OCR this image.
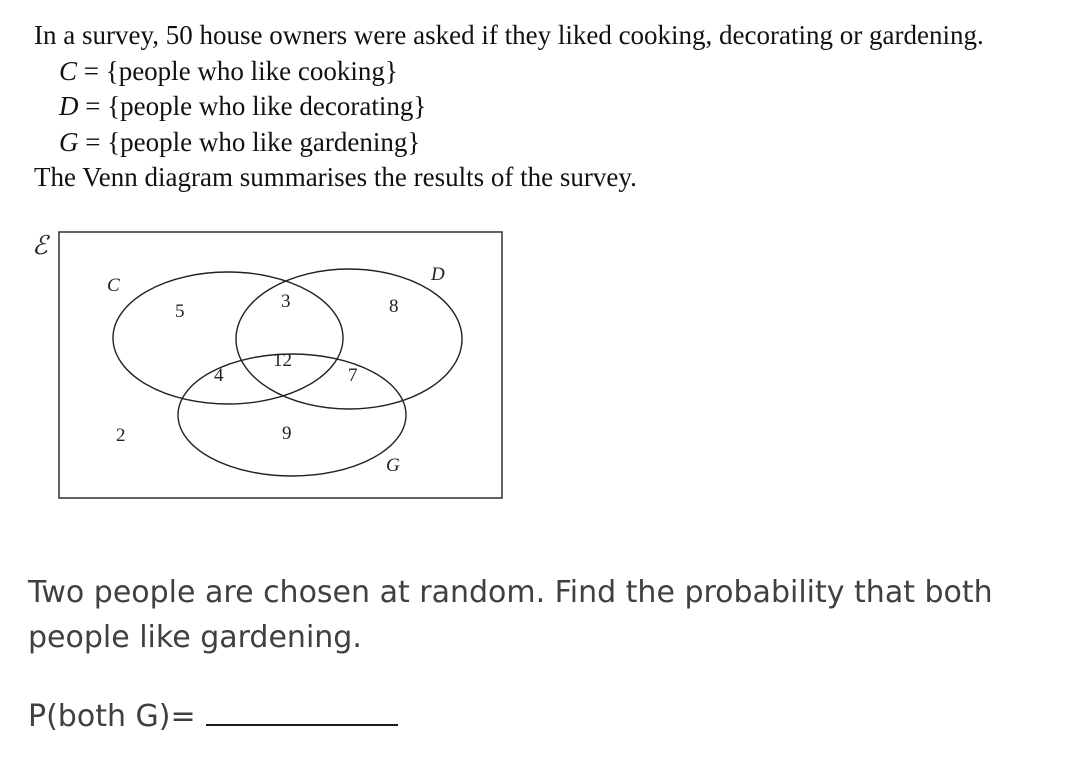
In a survey, 50 house owners were asked if they liked cooking, decorating or gardening.
C = {people who like cooking}
D = {people who like decorating}
G = {people who like gardening}
The Venn diagram summarises the results of the survey.
ℰ
C
D
G
5	3	8
4
12
7
9
2
Two people are chosen at random. Find the probability that both people like gardening.
P(both G)=
